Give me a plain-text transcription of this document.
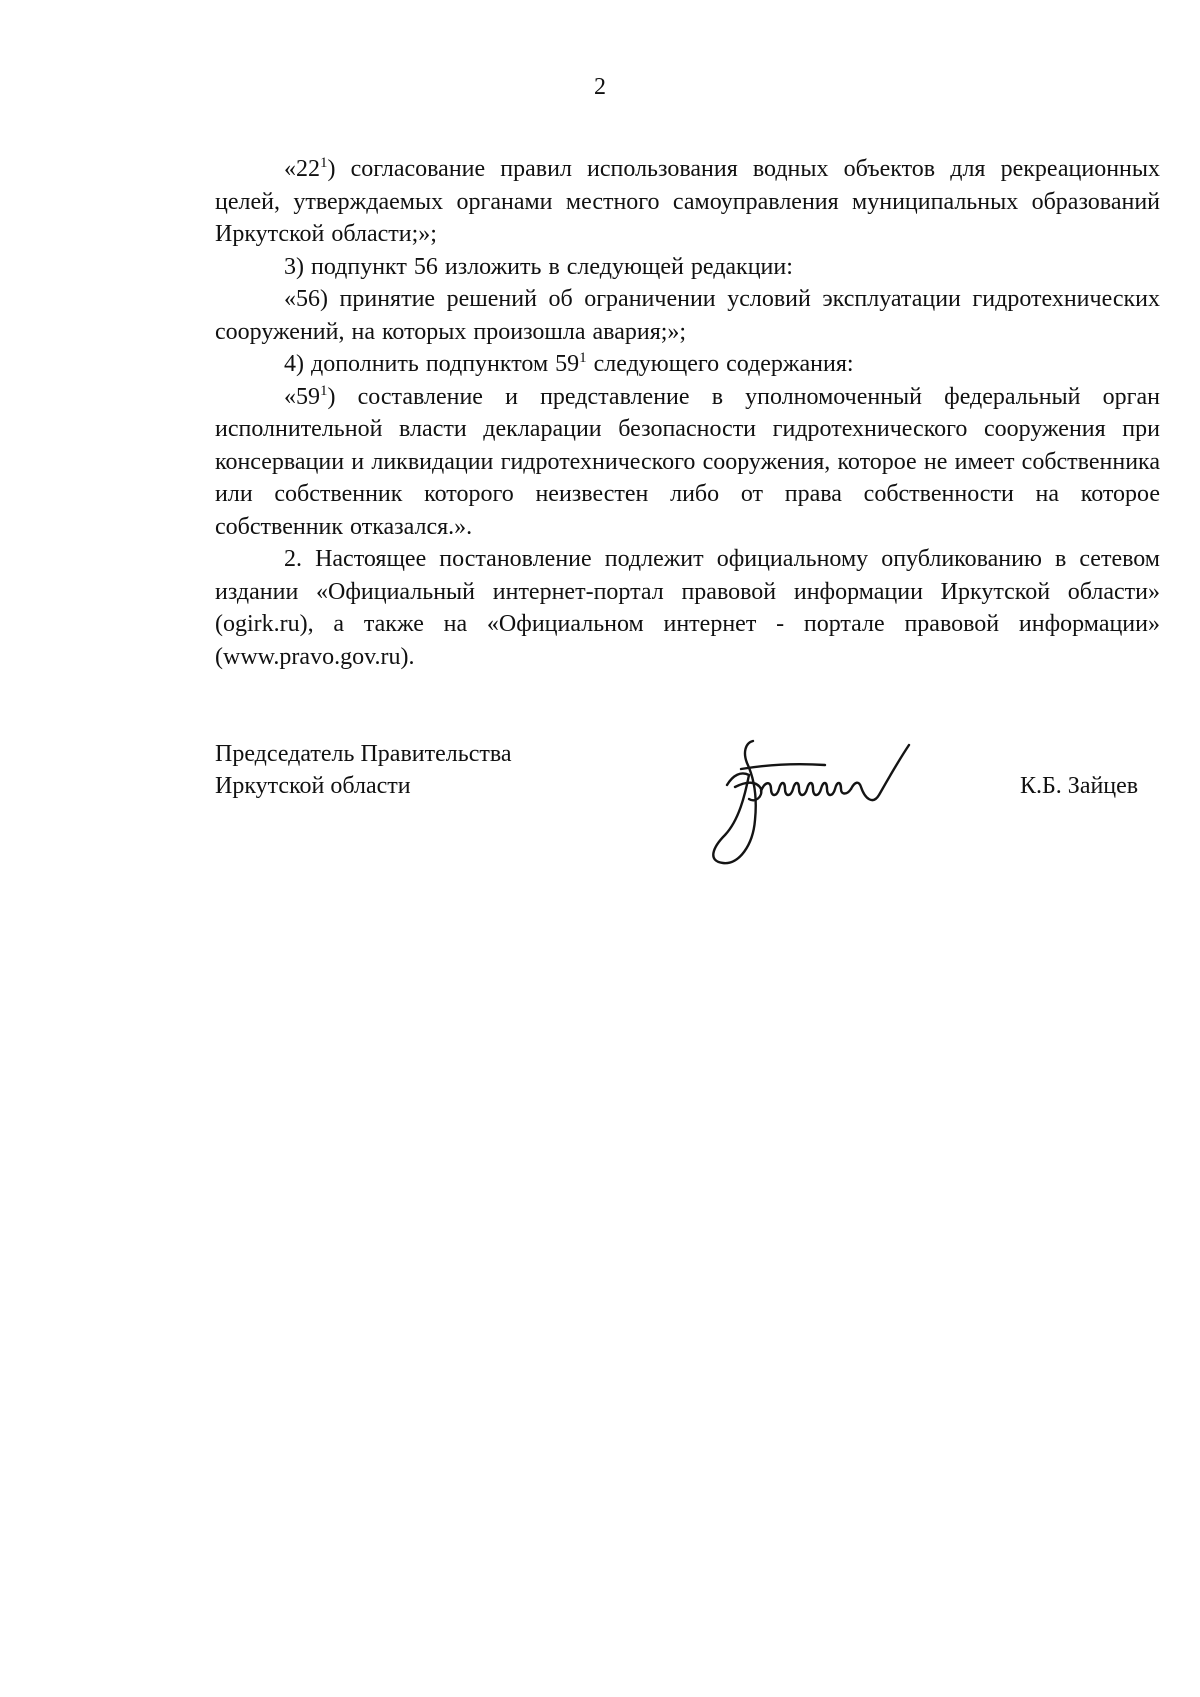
2

«$22^1$) согласование правил использования водных объектов для рекреационных целей, утверждаемых органами местного самоуправления муниципальных образований Иркутской области;»;

3) подпункт 56 изложить в следующей редакции:

«56) принятие решений об ограничении условий эксплуатации гидротехнических сооружений, на которых произошла авария;»;

4) дополнить подпунктом $59^1$ следующего содержания:

«$59^1$) составление и представление в уполномоченный федеральный орган исполнительной власти декларации безопасности гидротехнического сооружения при консервации и ликвидации гидротехнического сооружения, которое не имеет собственника или собственник которого неизвестен либо от права собственности на которое собственник отказался.».

2. Настоящее постановление подлежит официальному опубликованию в сетевом издании «Официальный интернет-портал правовой информации Иркутской области» (ogirk.ru), а также на «Официальном интернет - портале правовой информации» (www.pravo.gov.ru).

Председатель Правительства
Иркутской области	К.Б. Зайцев
